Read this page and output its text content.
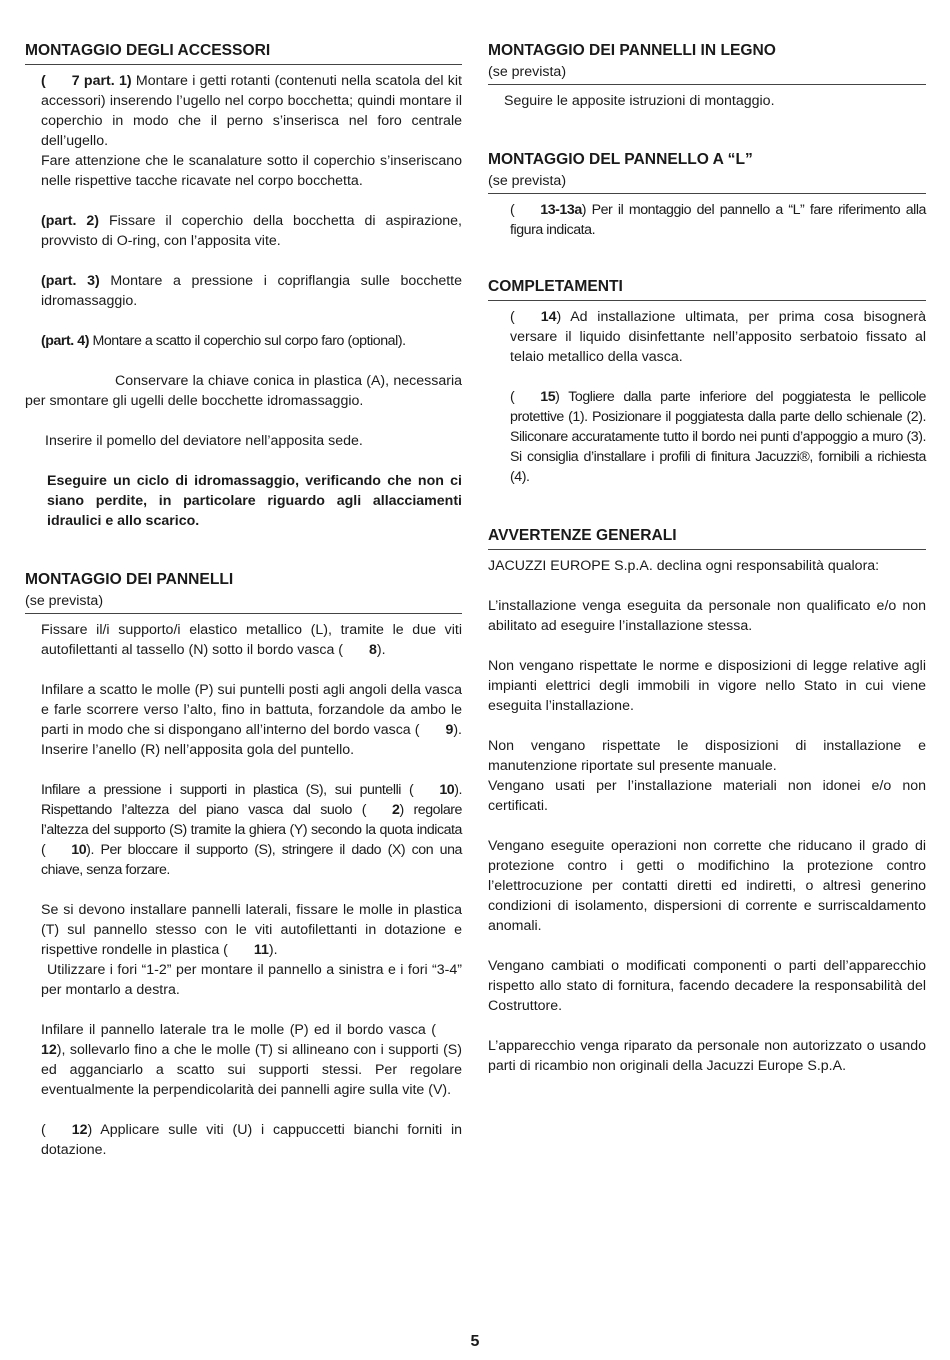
MONTAGGIO DEGLI ACCESSORI

( 7 part. 1) Montare i getti rotanti (contenuti nella scatola del kit accessori) inserendo l’ugello nel corpo bocchetta; quindi montare il coperchio in modo che il perno s’inserisca nel foro centrale dell’ugello.

Fare attenzione che le scanalature sotto il coperchio s’inseriscano nelle rispettive tacche ricavate nel corpo bocchetta.

(part. 2) Fissare il coperchio della bocchetta di aspirazione, provvisto di O-ring, con l’apposita vite.

(part. 3) Montare a pressione i copriflangia sulle bocchette idromassaggio.

(part. 4) Montare a scatto il coperchio sul corpo faro (optional).

Conservare la chiave conica in plastica (A), necessaria per smontare gli ugelli delle bocchette idromassaggio.

Inserire il pomello del deviatore nell’apposita sede.

Eseguire un ciclo di idromassaggio, verificando che non ci siano perdite, in particolare riguardo agli allacciamenti idraulici e allo scarico.

MONTAGGIO DEI PANNELLI

(se prevista)

Fissare il/i supporto/i elastico metallico (L), tramite le due viti autofilettanti al tassello (N) sotto il bordo vasca ( 8).

Infilare a scatto le molle (P) sui puntelli posti agli angoli della vasca e farle scorrere verso l’alto, fino in battuta, forzandole da ambo le parti in modo che si dispongano all’interno del bordo vasca ( 9). Inserire l’anello (R) nell’apposita gola del puntello.

Infilare a pressione i supporti in plastica (S), sui puntelli ( 10). Rispettando l’altezza del piano vasca dal suolo ( 2) regolare l’altezza del supporto (S) tramite la ghiera (Y) secondo la quota indicata ( 10). Per bloccare il supporto (S), stringere il dado (X) con una chiave, senza forzare.

Se si devono installare pannelli laterali, fissare le molle in plastica (T) sul pannello stesso con le viti autofilettanti in dotazione e rispettive rondelle in plastica ( 11).

Utilizzare i fori “1-2” per montare il pannello a sinistra e i fori “3-4” per montarlo a destra.

Infilare il pannello laterale tra le molle (P) ed il bordo vasca (12), sollevarlo fino a che le molle (T) si allineano con i supporti (S) ed agganciarlo a scatto sui supporti stessi. Per regolare eventualmente la perpendicolarità dei pannelli agire sulla vite (V).

( 12) Applicare sulle viti (U) i cappuccetti bianchi forniti in dotazione.

MONTAGGIO DEI PANNELLI IN LEGNO

(se prevista)

Seguire le apposite istruzioni di montaggio.

MONTAGGIO DEL PANNELLO A “L”

(se prevista)

( 13-13a) Per il montaggio del pannello a “L” fare riferimento alla figura indicata.

COMPLETAMENTI

( 14) Ad installazione ultimata, per prima cosa bisognerà versare il liquido disinfettante nell’apposito serbatoio fissato al telaio metallico della vasca.

( 15) Togliere dalla parte inferiore del poggiatesta le pellicole protettive (1). Posizionare il poggiatesta dalla parte dello schienale (2). Siliconare accuratamente tutto il bordo nei punti d’appoggio a muro (3). Si consiglia d’installare i profili di finitura Jacuzzi®, fornibili a richiesta (4).

AVVERTENZE GENERALI

JACUZZI EUROPE S.p.A. declina ogni responsabilità qualora:

L’installazione venga eseguita da personale non qualificato e/o non abilitato ad eseguire l’installazione stessa.

Non vengano rispettate le norme e disposizioni di legge relative agli impianti elettrici degli immobili in vigore nello Stato in cui viene eseguita l’installazione.

Non vengano rispettate le disposizioni di installazione e manutenzione riportate sul presente manuale.

Vengano usati per l’installazione materiali non idonei e/o non certificati.

Vengano eseguite operazioni non corrette che riducano il grado di protezione contro i getti o modifichino la protezione contro l’elettrocuzione per contatti diretti ed indiretti, o altresì generino condizioni di isolamento, dispersioni di corrente e surriscaldamento anomali.

Vengano cambiati o modificati componenti o parti dell’apparecchio rispetto allo stato di fornitura, facendo decadere la responsabilità del Costruttore.

L’apparecchio venga riparato da personale non autorizzato o usando parti di ricambio non originali della Jacuzzi Europe S.p.A.

5
